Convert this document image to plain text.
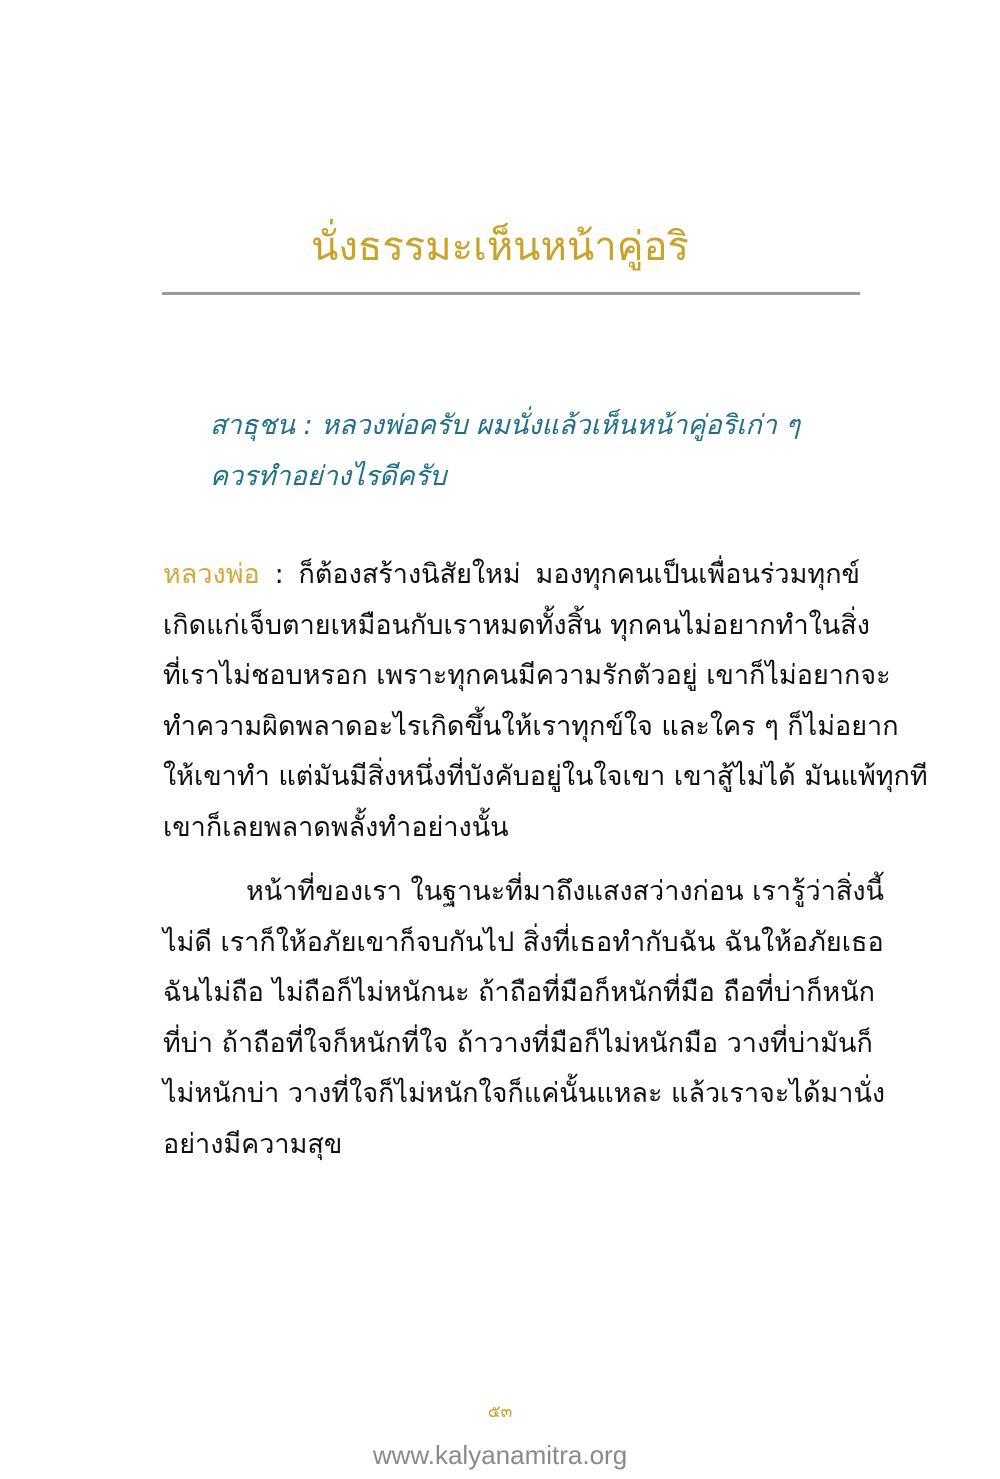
นั่งธรรมะเห็นหน้าคู่อริ
สาธุชน : หลวงพ่อครับ ผมนั่งแล้วเห็นหน้าคู่อริเก่า ๆ
ควรทำอย่างไรดีครับ
หลวงพ่อ : ก็ต้องสร้างนิสัยใหม่ มองทุกคนเป็นเพื่อนร่วมทุกข์
เกิดแก่เจ็บตายเหมือนกับเราหมดทั้งสิ้น ทุกคนไม่อยากทำในสิ่ง
ที่เราไม่ชอบหรอก เพราะทุกคนมีความรักตัวอยู่ เขาก็ไม่อยากจะ
ทำความผิดพลาดอะไรเกิดขึ้นให้เราทุกข์ใจ และใคร ๆ ก็ไม่อยาก
ให้เขาทำ แต่มันมีสิ่งหนึ่งที่บังคับอยู่ในใจเขา เขาสู้ไม่ได้ มันแพ้ทุกที
เขาก็เลยพลาดพลั้งทำอย่างนั้น
หน้าที่ของเรา ในฐานะที่มาถึงแสงสว่างก่อน เรารู้ว่าสิ่งนี้
ไม่ดี เราก็ให้อภัยเขาก็จบกันไป สิ่งที่เธอทำกับฉัน ฉันให้อภัยเธอ
ฉันไม่ถือ ไม่ถือก็ไม่หนักนะ ถ้าถือที่มือก็หนักที่มือ ถือที่บ่าก็หนัก
ที่บ่า ถ้าถือที่ใจก็หนักที่ใจ ถ้าวางที่มือก็ไม่หนักมือ วางที่บ่ามันก็
ไม่หนักบ่า วางที่ใจก็ไม่หนักใจก็แค่นั้นแหละ แล้วเราจะได้มานั่ง
อย่างมีความสุข
๕๓
www.kalyanamitra.org
